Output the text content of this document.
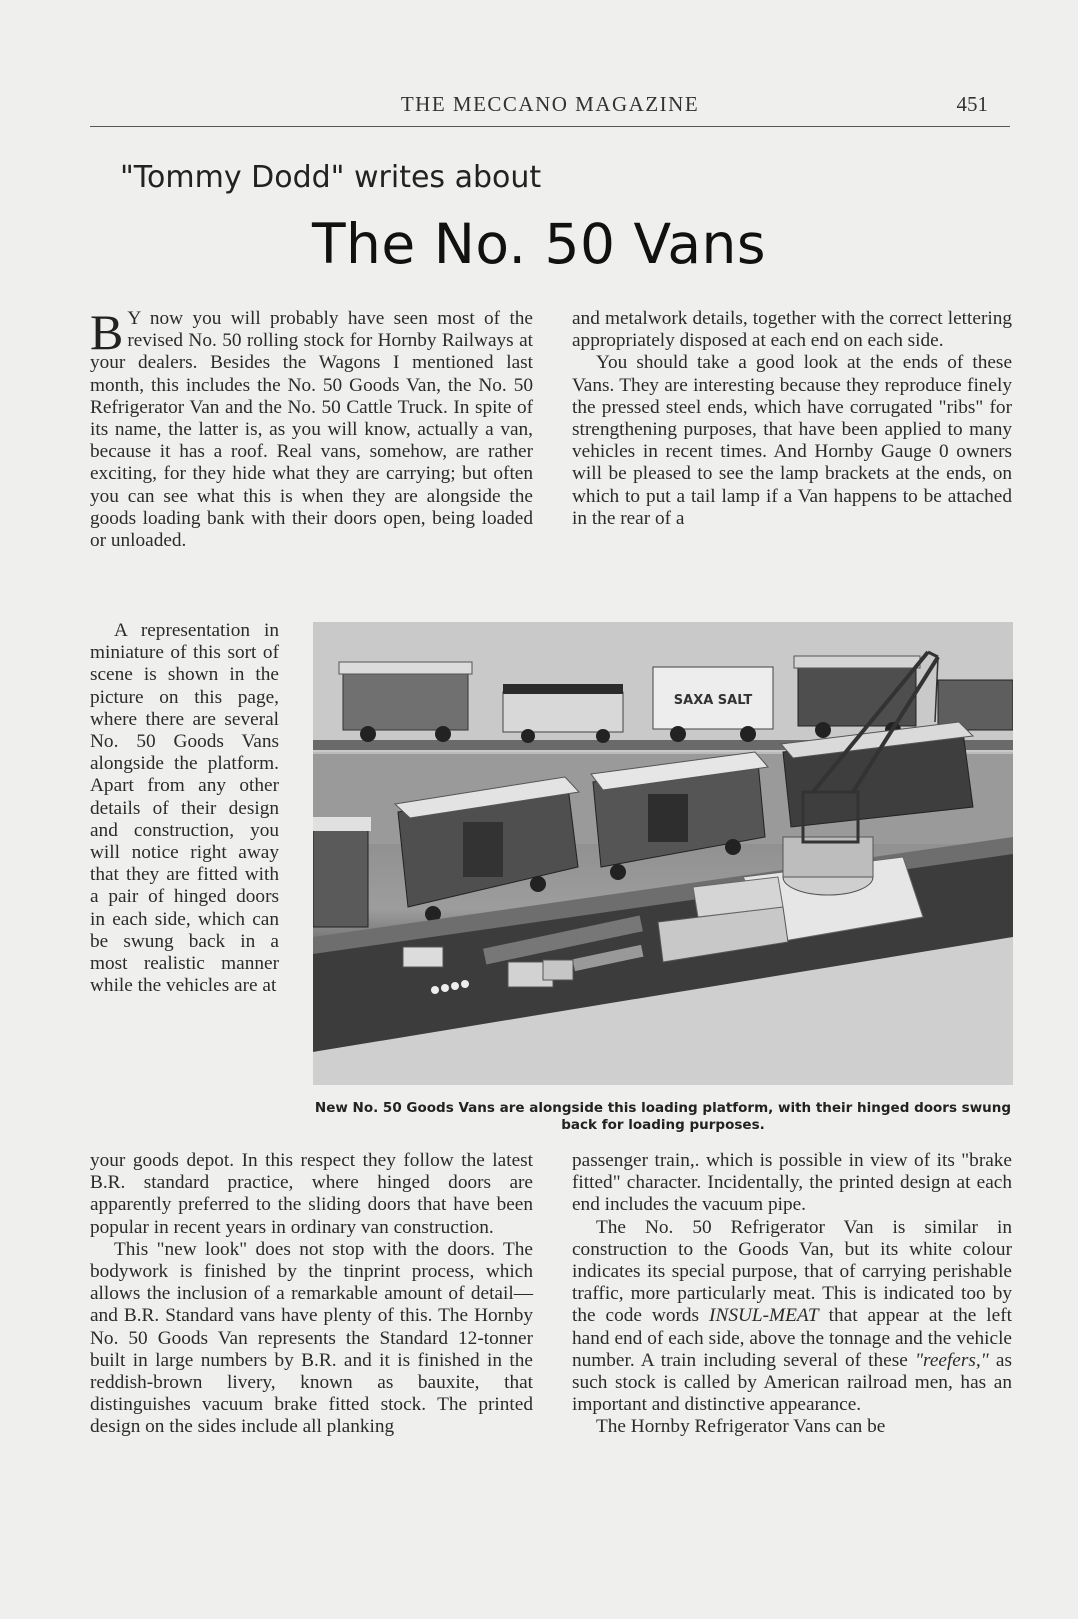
THE MECCANO MAGAZINE	451
"Tommy Dodd" writes about
The No. 50 Vans

B Y now you will probably have seen most of the revised No. 50 rolling stock for Hornby Railways at your dealers. Besides the Wagons I mentioned last month, this includes the No. 50 Goods Van, the No. 50 Refrigerator Van and the No. 50 Cattle Truck. In spite of its name, the latter is, as you will know, actually a van, because it has a roof. Real vans, somehow, are rather exciting, for they hide what they are carrying; but often you can see what this is when they are alongside the goods loading bank with their doors open, being loaded or unloaded.

A representation in miniature of this sort of scene is shown in the picture on this page, where there are several No. 50 Goods Vans alongside the platform. Apart from any other details of their design and construction, you will notice right away that they are fitted with a pair of hinged doors in each side, which can be swung back in a most realistic manner while the vehicles are at

your goods depot. In this respect they follow the latest B.R. standard practice, where hinged doors are apparently preferred to the sliding doors that have been popular in recent years in ordinary van construction.

This "new look" does not stop with the doors. The bodywork is finished by the tinprint process, which allows the inclusion of a remarkable amount of detail—and B.R. Standard vans have plenty of this. The Hornby No. 50 Goods Van represents the Standard 12-tonner built in large numbers by B.R. and it is finished in the reddish-brown livery, known as bauxite, that distinguishes vacuum brake fitted stock. The printed design on the sides include all planking

and metalwork details, together with the correct lettering appropriately disposed at each end on each side.

You should take a good look at the ends of these Vans. They are interesting because they reproduce finely the pressed steel ends, which have corrugated "ribs" for strengthening purposes, that have been applied to many vehicles in recent times. And Hornby Gauge 0 owners will be pleased to see the lamp brackets at the ends, on which to put a tail lamp if a Van happens to be attached in the rear of a

SAXA SALT
New No. 50 Goods Vans are alongside this loading platform, with their hinged doors swung back for loading purposes.

passenger train,. which is possible in view of its "brake fitted" character. Incidentally, the printed design at each end includes the vacuum pipe.

The No. 50 Refrigerator Van is similar in construction to the Goods Van, but its white colour indicates its special purpose, that of carrying perishable traffic, more particularly meat. This is indicated too by the code words INSUL-MEAT that appear at the left hand end of each side, above the tonnage and the vehicle number. A train including several of these "reefers," as such stock is called by American railroad men, has an important and distinctive appearance.

The Hornby Refrigerator Vans can be
